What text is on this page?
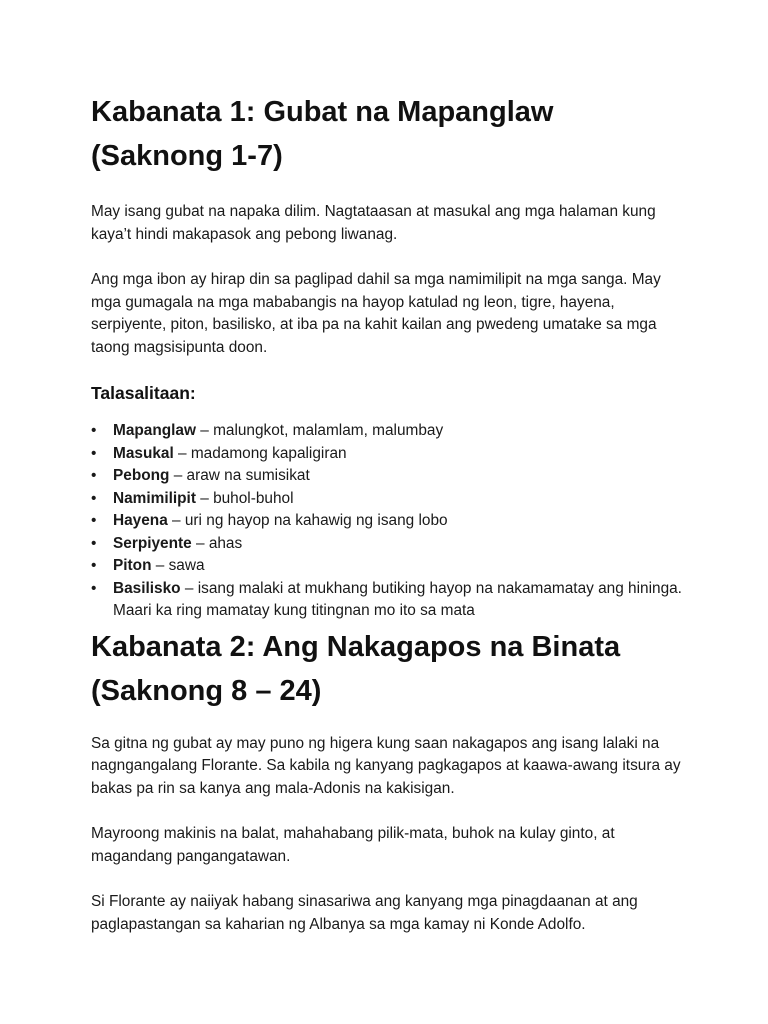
Kabanata 1: Gubat na Mapanglaw (Saknong 1-7)

May isang gubat na napaka dilim. Nagtataasan at masukal ang mga halaman kung kaya’t hindi makapasok ang pebong liwanag.

Ang mga ibon ay hirap din sa paglipad dahil sa mga namimilipit na mga sanga. May mga gumagala na mga mababangis na hayop katulad ng leon, tigre, hayena, serpiyente, piton, basilisko, at iba pa na kahit kailan ang pwedeng umatake sa mga taong magsisipunta doon.

Talasalitaan:
•	Mapanglaw – malungkot, malamlam, malumbay
•	Masukal – madamong kapaligiran
•	Pebong – araw na sumisikat
•	Namimilipit – buhol-buhol
•	Hayena – uri ng hayop na kahawig ng isang lobo
•	Serpiyente – ahas
•	Piton – sawa
•	Basilisko – isang malaki at mukhang butiking hayop na nakamamatay ang hininga. Maari ka ring mamatay kung titingnan mo ito sa mata
Kabanata 2: Ang Nakagapos na Binata (Saknong 8 – 24)

Sa gitna ng gubat ay may puno ng higera kung saan nakagapos ang isang lalaki na nagngangalang Florante. Sa kabila ng kanyang pagkagapos at kaawa-awang itsura ay bakas pa rin sa kanya ang mala-Adonis na kakisigan.

Mayroong makinis na balat, mahahabang pilik-mata, buhok na kulay ginto, at magandang pangangatawan.

Si Florante ay naiiyak habang sinasariwa ang kanyang mga pinagdaanan at ang paglapastangan sa kaharian ng Albanya sa mga kamay ni Konde Adolfo.
